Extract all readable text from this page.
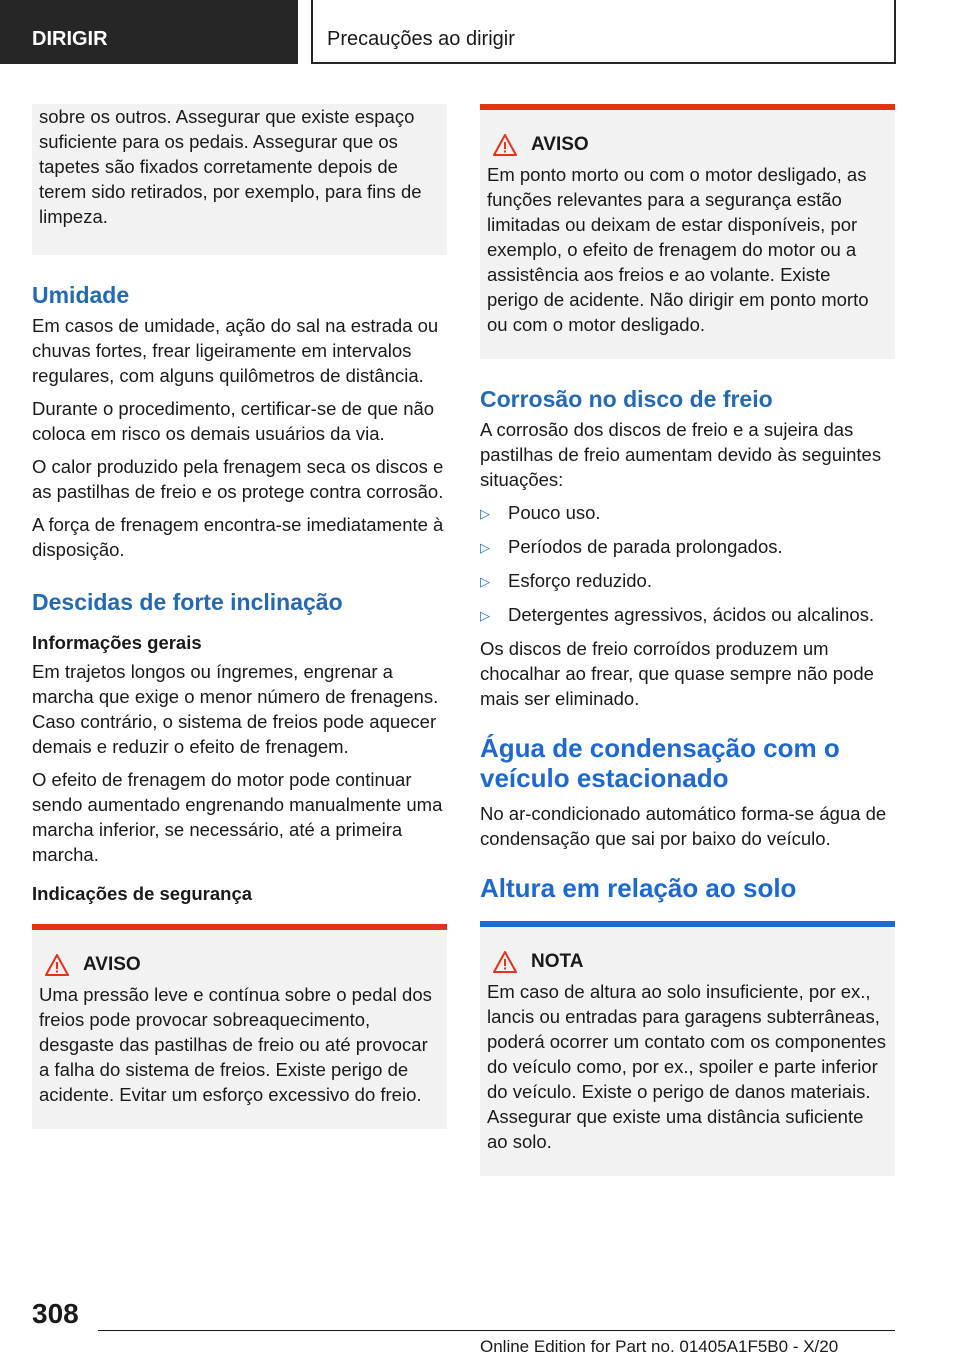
DIRIGIR	Precauções ao dirigir
sobre os outros. Assegurar que existe espaço suficiente para os pedais. Assegurar que os tapetes são fixados corretamente depois de terem sido retirados, por exemplo, para fins de limpeza.
Umidade
Em casos de umidade, ação do sal na estrada ou chuvas fortes, frear ligeiramente em intervalos regulares, com alguns quilômetros de distância.
Durante o procedimento, certificar-se de que não coloca em risco os demais usuários da via.
O calor produzido pela frenagem seca os discos e as pastilhas de freio e os protege contra corrosão.
A força de frenagem encontra-se imediatamente à disposição.
Descidas de forte inclinação
Informações gerais
Em trajetos longos ou íngremes, engrenar a marcha que exige o menor número de frenagens. Caso contrário, o sistema de freios pode aquecer demais e reduzir o efeito de frenagem.
O efeito de frenagem do motor pode continuar sendo aumentado engrenando manualmente uma marcha inferior, se necessário, até a primeira marcha.
Indicações de segurança
AVISO
Uma pressão leve e contínua sobre o pedal dos freios pode provocar sobreaquecimento, desgaste das pastilhas de freio ou até provocar a falha do sistema de freios. Existe perigo de acidente. Evitar um esforço excessivo do freio.
AVISO
Em ponto morto ou com o motor desligado, as funções relevantes para a segurança estão limitadas ou deixam de estar disponíveis, por exemplo, o efeito de frenagem do motor ou a assistência aos freios e ao volante. Existe perigo de acidente. Não dirigir em ponto morto ou com o motor desligado.
Corrosão no disco de freio
A corrosão dos discos de freio e a sujeira das pastilhas de freio aumentam devido às seguintes situações:
▷ Pouco uso.
▷ Períodos de parada prolongados.
▷ Esforço reduzido.
▷ Detergentes agressivos, ácidos ou alcalinos.
Os discos de freio corroídos produzem um chocalhar ao frear, que quase sempre não pode mais ser eliminado.
Água de condensação com o veículo estacionado
No ar-condicionado automático forma-se água de condensação que sai por baixo do veículo.
Altura em relação ao solo
NOTA
Em caso de altura ao solo insuficiente, por ex., lancis ou entradas para garagens subterrâneas, poderá ocorrer um contato com os componentes do veículo como, por ex., spoiler e parte inferior do veículo. Existe o perigo de danos materiais. Assegurar que existe uma distância suficiente ao solo.
308
Online Edition for Part no. 01405A1F5B0 - X/20
